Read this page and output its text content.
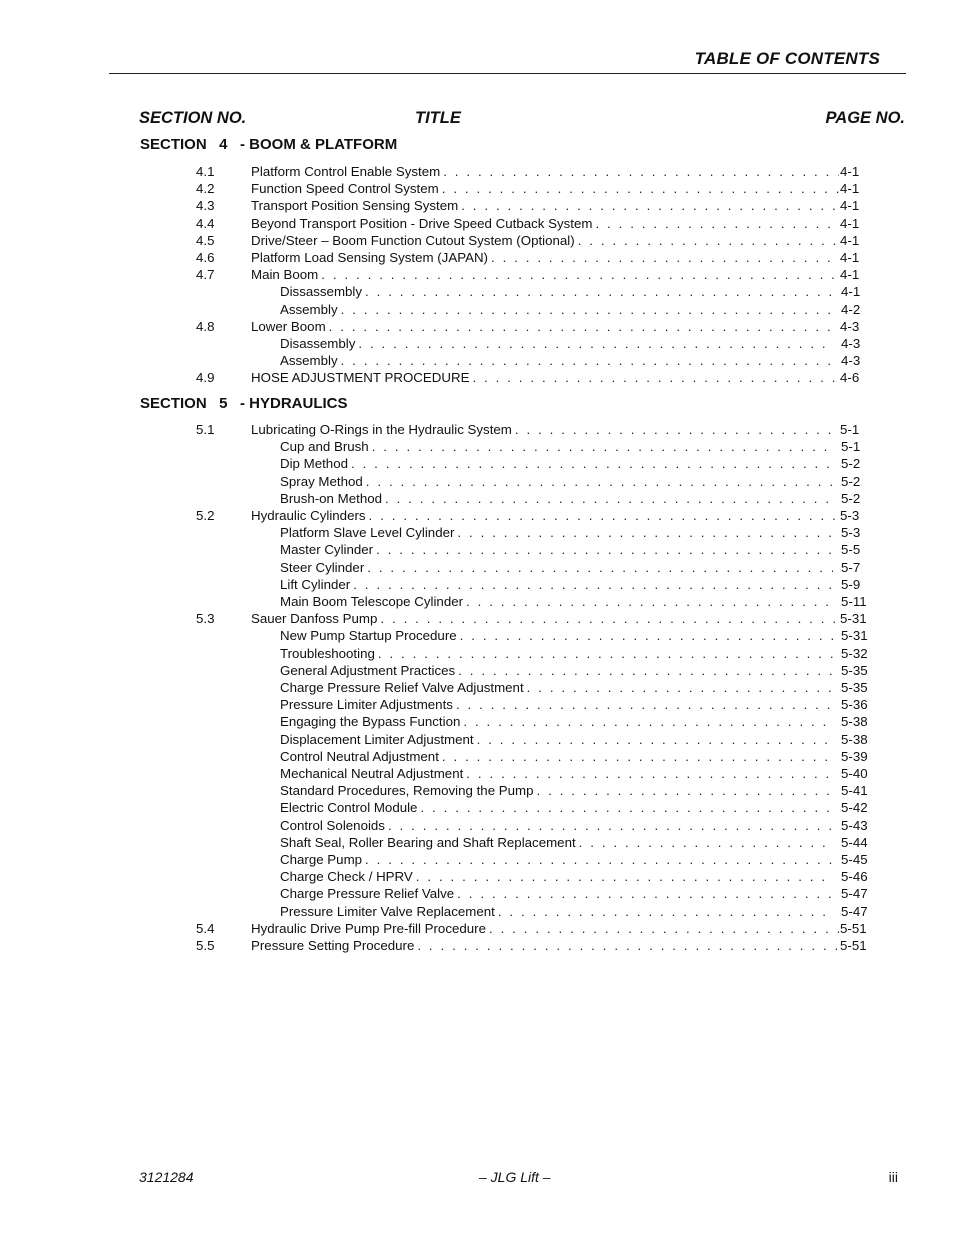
TABLE OF CONTENTS
SECTION NO.	TITLE	PAGE NO.
SECTION   4   - BOOM & PLATFORM
SECTION   5   - HYDRAULICS
4.1	Platform Control Enable System . . .	4-1
4.2	Function Speed Control System . . .	4-1
4.3	Transport Position Sensing System . . .	4-1
4.4	Beyond Transport Position - Drive Speed Cutback System . . .	4-1
4.5	Drive/Steer – Boom Function Cutout System (Optional) . . .	4-1
4.6	Platform Load Sensing System (JAPAN) . . .	4-1
4.7	Main Boom . . .	4-1
Dissassembly . . .	4-1
Assembly . . .	4-2
4.8	Lower Boom . . .	4-3
Disassembly . . .	4-3
Assembly . . .	4-3
4.9	HOSE ADJUSTMENT PROCEDURE . . .	4-6
5.1	Lubricating O-Rings in the Hydraulic System . . .	5-1
Cup and Brush . . .	5-1
Dip Method . . .	5-2
Spray Method . . .	5-2
Brush-on Method . . .	5-2
5.2	Hydraulic Cylinders . . .	5-3
Platform Slave Level Cylinder . . .	5-3
Master Cylinder . . .	5-5
Steer Cylinder . . .	5-7
Lift Cylinder . . .	5-9
Main Boom Telescope Cylinder . . .	5-11
5.3	Sauer Danfoss Pump . . .	5-31
New Pump Startup Procedure . . .	5-31
Troubleshooting . . .	5-32
General Adjustment Practices . . .	5-35
Charge Pressure Relief Valve Adjustment . . .	5-35
Pressure Limiter Adjustments . . .	5-36
Engaging the Bypass Function . . .	5-38
Displacement Limiter Adjustment . . .	5-38
Control Neutral Adjustment . . .	5-39
Mechanical Neutral Adjustment . . .	5-40
Standard Procedures, Removing the Pump . . .	5-41
Electric Control Module . . .	5-42
Control Solenoids . . .	5-43
Shaft Seal, Roller Bearing and Shaft Replacement . . .	5-44
Charge Pump . . .	5-45
Charge Check / HPRV . . .	5-46
Charge Pressure Relief Valve . . .	5-47
Pressure Limiter Valve Replacement . . .	5-47
5.4	Hydraulic Drive Pump Pre-fill Procedure . . .	5-51
5.5	Pressure Setting Procedure . . .	5-51
3121284	– JLG Lift –	iii
